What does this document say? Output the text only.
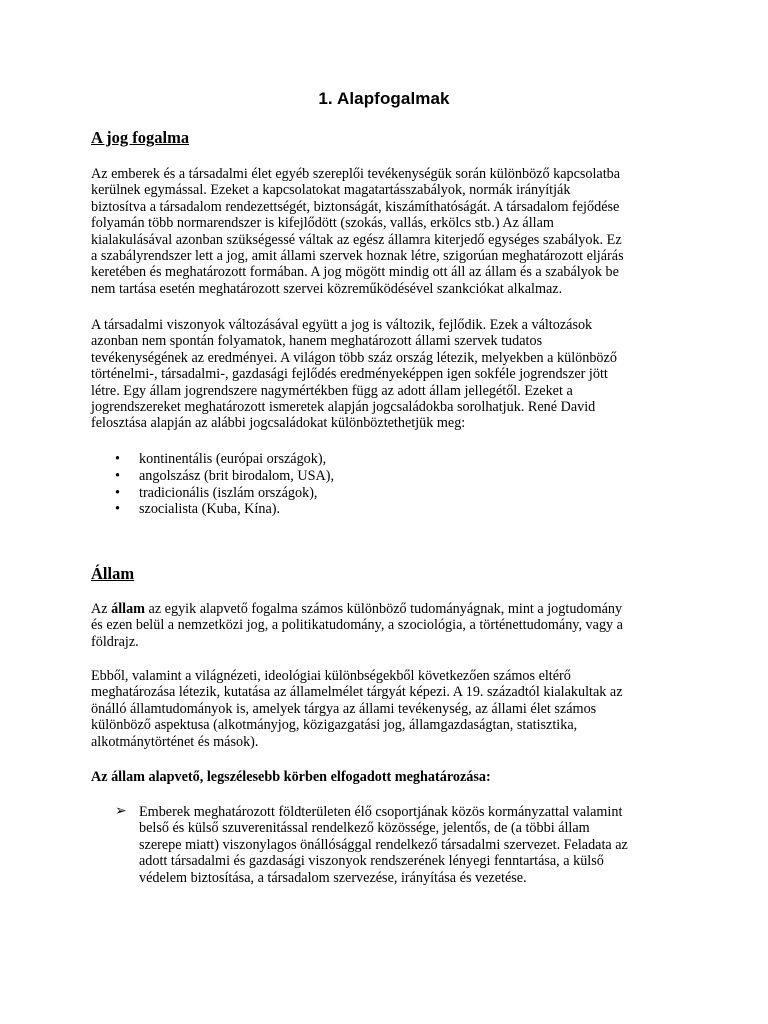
1. Alapfogalmak
A jog fogalma

Az emberek és a társadalmi élet egyéb szereplői tevékenységük során különböző kapcsolatba
kerülnek egymással. Ezeket a kapcsolatokat magatartásszabályok, normák irányítják
biztosítva a társadalom rendezettségét, biztonságát, kiszámíthatóságát. A társadalom fejődése
folyamán több normarendszer is kifejlődött (szokás, vallás, erkölcs stb.) Az állam
kialakulásával azonban szükségessé váltak az egész államra kiterjedő egységes szabályok. Ez
a szabályrendszer lett a jog, amit állami szervek hoznak létre, szigorúan meghatározott eljárás
keretében és meghatározott formában. A jog mögött mindig ott áll az állam és a szabályok be
nem tartása esetén meghatározott szervei közreműködésével szankciókat alkalmaz.

A társadalmi viszonyok változásával együtt a jog is változik, fejlődik. Ezek a változások
azonban nem spontán folyamatok, hanem meghatározott állami szervek tudatos
tevékenységének az eredményei. A világon több száz ország létezik, melyekben a különböző
történelmi-, társadalmi-, gazdasági fejlődés eredményeképpen igen sokféle jogrendszer jött
létre. Egy állam jogrendszere nagymértékben függ az adott állam jellegétől. Ezeket a
jogrendszereket meghatározott ismeretek alapján jogcsaládokba sorolhatjuk. René David
felosztása alapján az alábbi jogcsaládokat különböztethetjük meg:

• kontinentális (európai országok),
• angolszász (brit birodalom, USA),
• tradicionális (iszlám országok),
• szocialista (Kuba, Kína).
Állam

Az állam az egyik alapvető fogalma számos különböző tudományágnak, mint a jogtudomány
és ezen belül a nemzetközi jog, a politikatudomány, a szociológia, a történettudomány, vagy a
földrajz.

Ebből, valamint a világnézeti, ideológiai különbségekből következően számos eltérő
meghatározása létezik, kutatása az államelmélet tárgyát képezi. A 19. századtól kialakultak az
önálló államtudományok is, amelyek tárgya az állami tevékenység, az állami élet számos
különböző aspektusa (alkotmányjog, közigazgatási jog, államgazdaságtan, statisztika,
alkotmánytörténet és mások).

Az állam alapvető, legszélesebb körben elfogadott meghatározása:

➢ Emberek meghatározott földterületen élő csoportjának közös kormányzattal valamint
belső és külső szuverenitással rendelkező közössége, jelentős, de (a többi állam
szerepe miatt) viszonylagos önállósággal rendelkező társadalmi szervezet. Feladata az
adott társadalmi és gazdasági viszonyok rendszerének lényegi fenntartása, a külső
védelem biztosítása, a társadalom szervezése, irányítása és vezetése.
